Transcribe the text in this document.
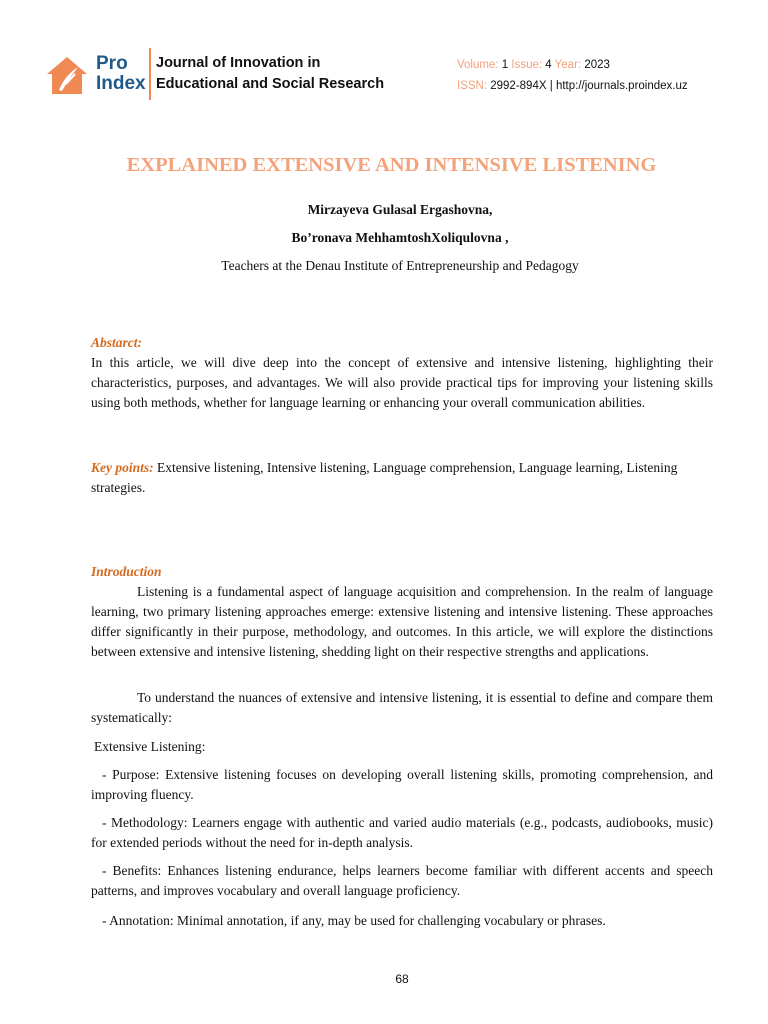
Pro
Index
Journal of Innovation in
Educational and Social Research
Volume: 1 Issue: 4 Year: 2023
ISSN: 2992-894X | http://journals.proindex.uz
EXPLAINED EXTENSIVE AND INTENSIVE LISTENING
Mirzayeva Gulasal Ergashovna,
Bo’ronava MehhamtoshXoliqulovna ,
Teachers at the Denau Institute of Entrepreneurship and Pedagogy
Abstarct:
In this article, we will dive deep into the concept of extensive and intensive listening, highlighting their characteristics, purposes, and advantages. We will also provide practical tips for improving your listening skills using both methods, whether for language learning or enhancing your overall communication abilities.
Key points: Extensive listening, Intensive listening, Language comprehension, Language learning, Listening strategies.
Introduction
Listening is a fundamental aspect of language acquisition and comprehension. In the realm of language learning, two primary listening approaches emerge: extensive listening and intensive listening. These approaches differ significantly in their purpose, methodology, and outcomes. In this article, we will explore the distinctions between extensive and intensive listening, shedding light on their respective strengths and applications.
To understand the nuances of extensive and intensive listening, it is essential to define and compare them systematically:
Extensive Listening:
- Purpose: Extensive listening focuses on developing overall listening skills, promoting comprehension, and improving fluency.
- Methodology: Learners engage with authentic and varied audio materials (e.g., podcasts, audiobooks, music) for extended periods without the need for in-depth analysis.
- Benefits: Enhances listening endurance, helps learners become familiar with different accents and speech patterns, and improves vocabulary and overall language proficiency.
- Annotation: Minimal annotation, if any, may be used for challenging vocabulary or phrases.
68
